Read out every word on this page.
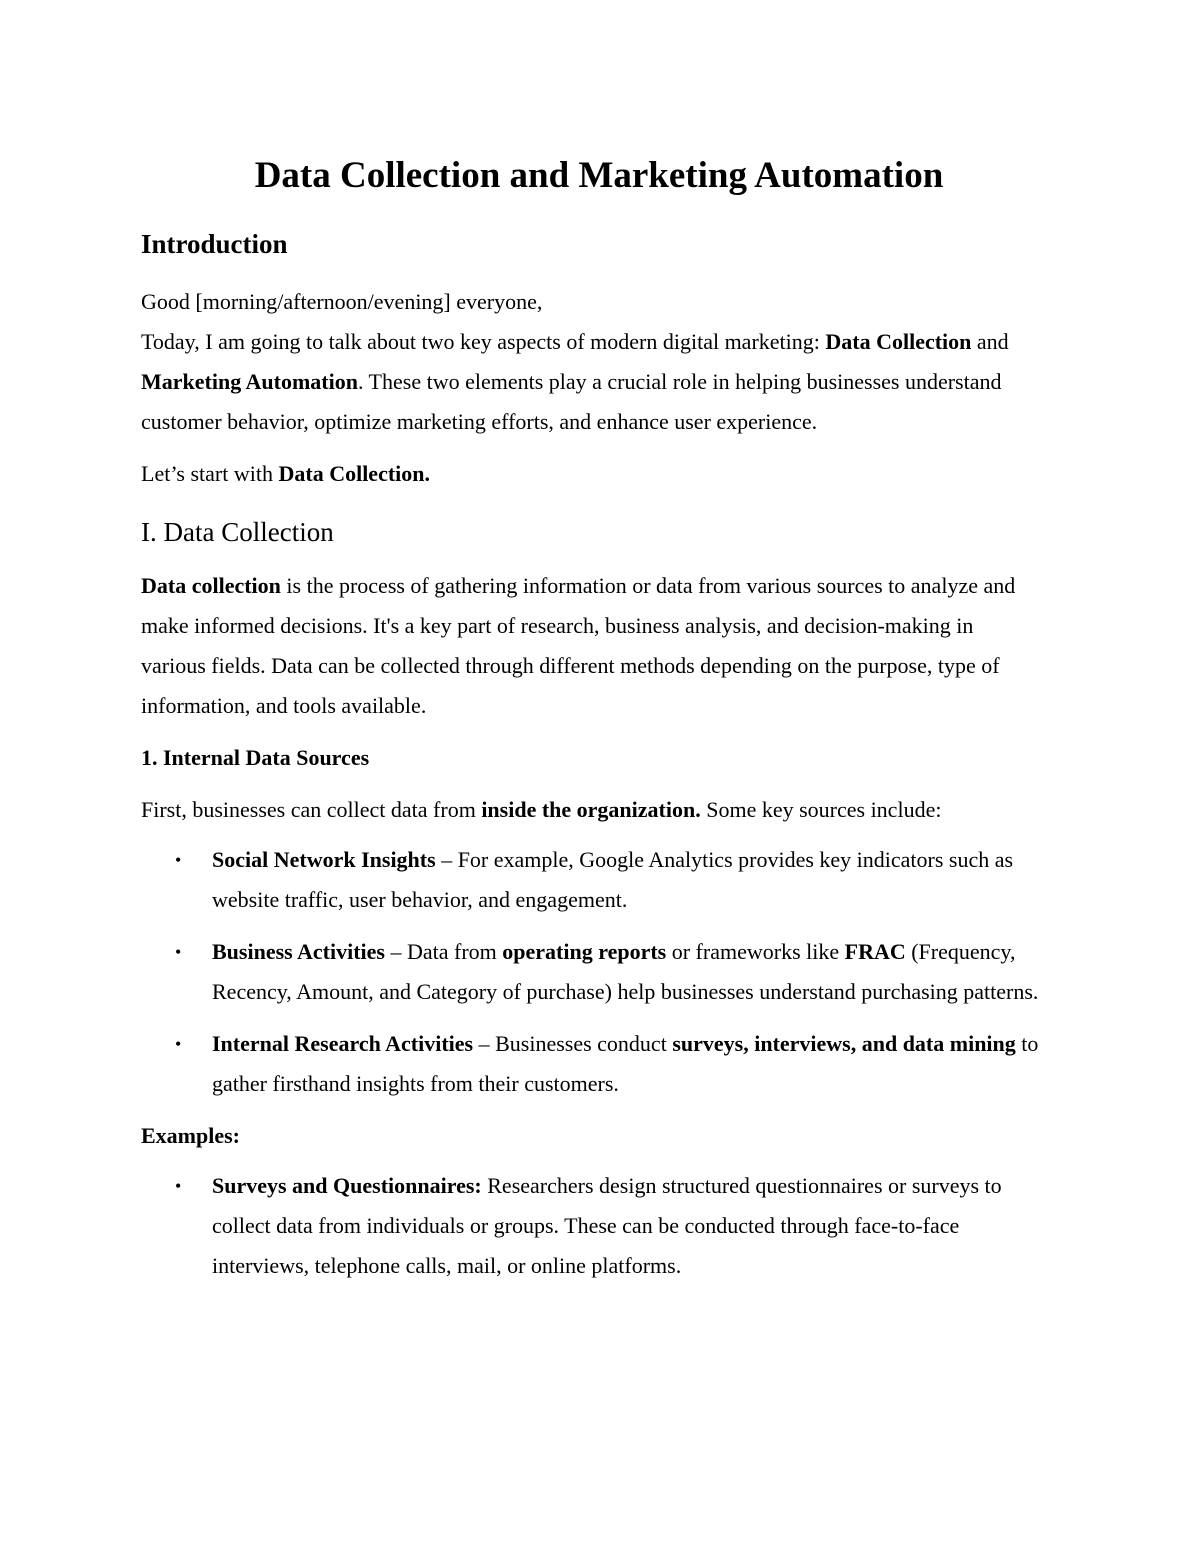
Data Collection and Marketing Automation
Introduction

Good [morning/afternoon/evening] everyone,

Today, I am going to talk about two key aspects of modern digital marketing: Data Collection and Marketing Automation. These two elements play a crucial role in helping businesses understand customer behavior, optimize marketing efforts, and enhance user experience.

Let’s start with Data Collection.

I. Data Collection

Data collection is the process of gathering information or data from various sources to analyze and make informed decisions. It's a key part of research, business analysis, and decision-making in various fields. Data can be collected through different methods depending on the purpose, type of information, and tools available.

1. Internal Data Sources

First, businesses can collect data from inside the organization. Some key sources include:

• Social Network Insights – For example, Google Analytics provides key indicators such as website traffic, user behavior, and engagement.
• Business Activities – Data from operating reports or frameworks like FRAC (Frequency, Recency, Amount, and Category of purchase) help businesses understand purchasing patterns.
• Internal Research Activities – Businesses conduct surveys, interviews, and data mining to gather firsthand insights from their customers.

Examples:

• Surveys and Questionnaires: Researchers design structured questionnaires or surveys to collect data from individuals or groups. These can be conducted through face-to-face interviews, telephone calls, mail, or online platforms.
